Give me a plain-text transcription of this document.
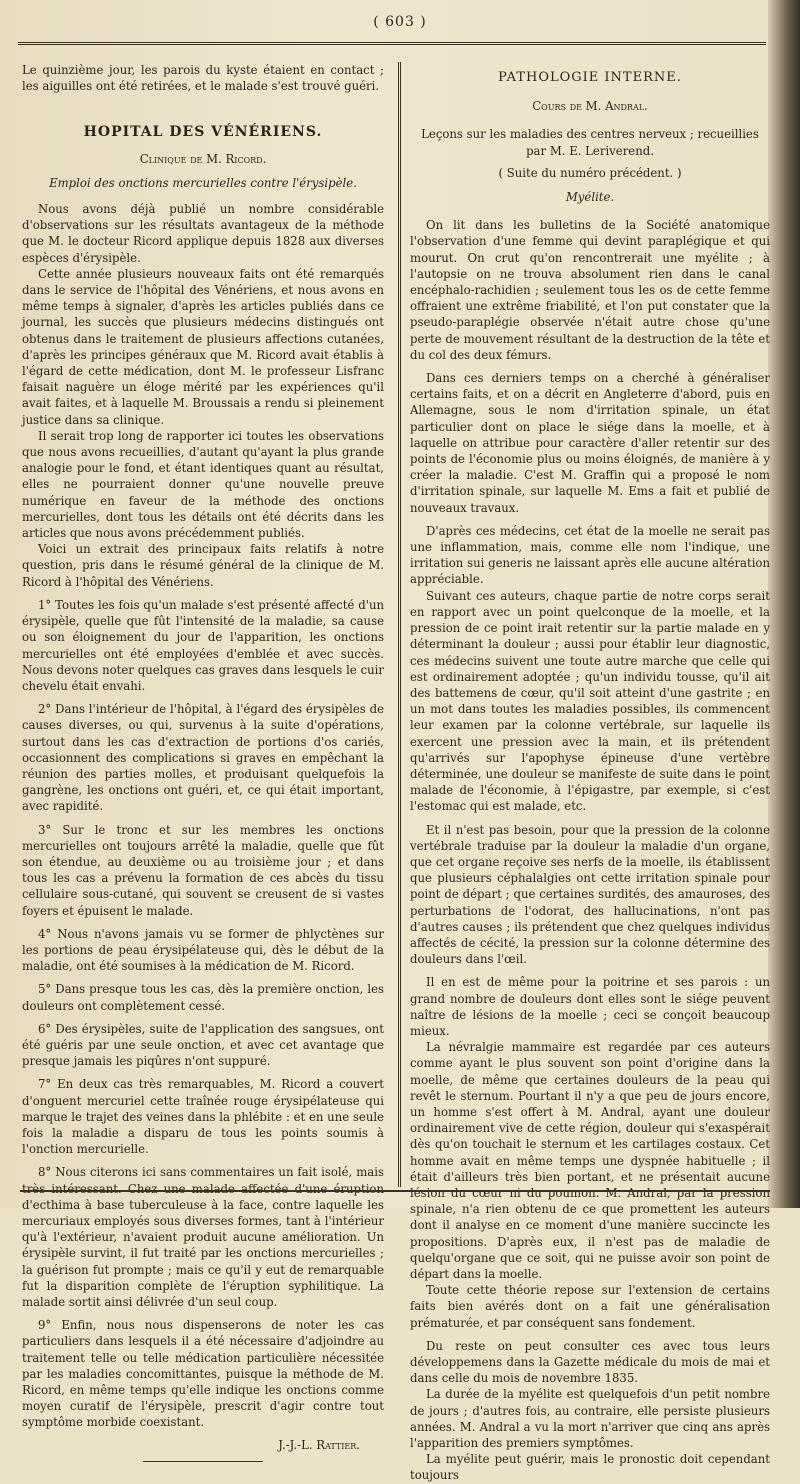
( 603 )

Le quinzième jour, les parois du kyste étaient en contact ; les aiguilles ont été retirées, et le malade s'est trouvé guéri.

HOPITAL DES VÉNÉRIENS.
Clinique de M. Ricord.
Emploi des onctions mercurielles contre l'érysipèle.

Nous avons déjà publié un nombre considérable d'observations sur les résultats avantageux de la méthode que M. le docteur Ricord applique depuis 1828 aux diverses espèces d'érysipèle.

Cette année plusieurs nouveaux faits ont été remarqués dans le service de l'hôpital des Vénériens, et nous avons en même temps à signaler, d'après les articles publiés dans ce journal, les succès que plusieurs médecins distingués ont obtenus dans le traitement de plusieurs affections cutanées, d'après les principes généraux que M. Ricord avait établis à l'égard de cette médication, dont M. le professeur Lisfranc faisait naguère un éloge mérité par les expériences qu'il avait faites, et à laquelle M. Broussais a rendu si pleinement justice dans sa clinique.

Il serait trop long de rapporter ici toutes les observations que nous avons recueillies, d'autant qu'ayant la plus grande analogie pour le fond, et étant identiques quant au résultat, elles ne pourraient donner qu'une nouvelle preuve numérique en faveur de la méthode des onctions mercurielles, dont tous les détails ont été décrits dans les articles que nous avons précédemment publiés.

Voici un extrait des principaux faits relatifs à notre question, pris dans le résumé général de la clinique de M. Ricord à l'hôpital des Vénériens.

1° Toutes les fois qu'un malade s'est présenté affecté d'un érysipèle, quelle que fût l'intensité de la maladie, sa cause ou son éloignement du jour de l'apparition, les onctions mercurielles ont été employées d'emblée et avec succès. Nous devons noter quelques cas graves dans lesquels le cuir chevelu était envahi.

2° Dans l'intérieur de l'hôpital, à l'égard des érysipèles de causes diverses, ou qui, survenus à la suite d'opérations, surtout dans les cas d'extraction de portions d'os cariés, occasionnent des complications si graves en empêchant la réunion des parties molles, et produisant quelquefois la gangrène, les onctions ont guéri, et, ce qui était important, avec rapidité.

3° Sur le tronc et sur les membres les onctions mercurielles ont toujours arrêté la maladie, quelle que fût son étendue, au deuxième ou au troisième jour ; et dans tous les cas a prévenu la formation de ces abcès du tissu cellulaire sous-cutané, qui souvent se creusent de si vastes foyers et épuisent le malade.

4° Nous n'avons jamais vu se former de phlyctènes sur les portions de peau érysipélateuse qui, dès le début de la maladie, ont été soumises à la médication de M. Ricord.

5° Dans presque tous les cas, dès la première onction, les douleurs ont complètement cessé.

6° Des érysipèles, suite de l'application des sangsues, ont été guéris par une seule onction, et avec cet avantage que presque jamais les piqûres n'ont suppuré.

7° En deux cas très remarquables, M. Ricord a couvert d'onguent mercuriel cette traînée rouge érysipélateuse qui marque le trajet des veines dans la phlébite : et en une seule fois la maladie a disparu de tous les points soumis à l'onction mercurielle.

8° Nous citerons ici sans commentaires un fait isolé, mais très intéressant. Chez une malade affectée d'une éruption d'ecthima à base tuberculeuse à la face, contre laquelle les mercuriaux employés sous diverses formes, tant à l'intérieur qu'à l'extérieur, n'avaient produit aucune amélioration. Un érysipèle survint, il fut traité par les onctions mercurielles ; la guérison fut prompte ; mais ce qu'il y eut de remarquable fut la disparition complète de l'éruption syphilitique. La malade sortit ainsi délivrée d'un seul coup.

9° Enfin, nous nous dispenserons de noter les cas particuliers dans lesquels il a été nécessaire d'adjoindre au traitement telle ou telle médication particulière nécessitée par les maladies concomittantes, puisque la méthode de M. Ricord, en même temps qu'elle indique les onctions comme moyen curatif de l'érysipèle, prescrit d'agir contre tout symptôme morbide coexistant.

J.-J.-L. Rattier.
PATHOLOGIE INTERNE.
Cours de M. Andral.
Leçons sur les maladies des centres nerveux ; recueillies par M. E. Leriverend.
( Suite du numéro précédent. )
Myélite.

On lit dans les bulletins de la Société anatomique l'observation d'une femme qui devint paraplégique et qui mourut. On crut qu'on rencontrerait une myélite ; à l'autopsie on ne trouva absolument rien dans le canal encéphalo-rachidien ; seulement tous les os de cette femme offraient une extrême friabilité, et l'on put constater que la pseudo-paraplégie observée n'était autre chose qu'une perte de mouvement résultant de la destruction de la tête et du col des deux fémurs.

Dans ces derniers temps on a cherché à généraliser certains faits, et on a décrit en Angleterre d'abord, puis en Allemagne, sous le nom d'irritation spinale, un état particulier dont on place le siége dans la moelle, et à laquelle on attribue pour caractère d'aller retentir sur des points de l'économie plus ou moins éloignés, de manière à y créer la maladie. C'est M. Graffin qui a proposé le nom d'irritation spinale, sur laquelle M. Ems a fait et publié de nouveaux travaux.

D'après ces médecins, cet état de la moelle ne serait pas une inflammation, mais, comme elle nom l'indique, une irritation sui generis ne laissant après elle aucune altération appréciable.

Suivant ces auteurs, chaque partie de notre corps serait en rapport avec un point quelconque de la moelle, et la pression de ce point irait retentir sur la partie malade en y déterminant la douleur ; aussi pour établir leur diagnostic, ces médecins suivent une toute autre marche que celle qui est ordinairement adoptée ; qu'un individu tousse, qu'il ait des battemens de cœur, qu'il soit atteint d'une gastrite ; en un mot dans toutes les maladies possibles, ils commencent leur examen par la colonne vertébrale, sur laquelle ils exercent une pression avec la main, et ils prétendent qu'arrivés sur l'apophyse épineuse d'une vertèbre déterminée, une douleur se manifeste de suite dans le point malade de l'économie, à l'épigastre, par exemple, si c'est l'estomac qui est malade, etc.

Et il n'est pas besoin, pour que la pression de la colonne vertébrale traduise par la douleur la maladie d'un organe, que cet organe reçoive ses nerfs de la moelle, ils établissent que plusieurs céphalalgies ont cette irritation spinale pour point de départ ; que certaines surdités, des amauroses, des perturbations de l'odorat, des hallucinations, n'ont pas d'autres causes ; ils prétendent que chez quelques individus affectés de cécité, la pression sur la colonne détermine des douleurs dans l'œil.

Il en est de même pour la poitrine et ses parois : un grand nombre de douleurs dont elles sont le siége peuvent naître de lésions de la moelle ; ceci se conçoit beaucoup mieux.

La névralgie mammaire est regardée par ces auteurs comme ayant le plus souvent son point d'origine dans la moelle, de même que certaines douleurs de la peau qui revêt le sternum. Pourtant il n'y a que peu de jours encore, un homme s'est offert à M. Andral, ayant une douleur ordinairement vive de cette région, douleur qui s'exaspérait dès qu'on touchait le sternum et les cartilages costaux. Cet homme avait en même temps une dyspnée habituelle ; il était d'ailleurs très bien portant, et ne présentait aucune lésion du cœur ni du poumon. M. Andral, par la pression spinale, n'a rien obtenu de ce que promettent les auteurs dont il analyse en ce moment d'une manière succincte les propositions. D'après eux, il n'est pas de maladie de quelqu'organe que ce soit, qui ne puisse avoir son point de départ dans la moelle.

Toute cette théorie repose sur l'extension de certains faits bien avérés dont on a fait une généralisation prématurée, et par conséquent sans fondement.

Du reste on peut consulter ces avec tous leurs développemens dans la Gazette médicale du mois de mai et dans celle du mois de novembre 1835.

La durée de la myélite est quelquefois d'un petit nombre de jours ; d'autres fois, au contraire, elle persiste plusieurs années. M. Andral a vu la mort n'arriver que cinq ans après l'apparition des premiers symptômes.

La myélite peut guérir, mais le pronostic doit cependant toujours
